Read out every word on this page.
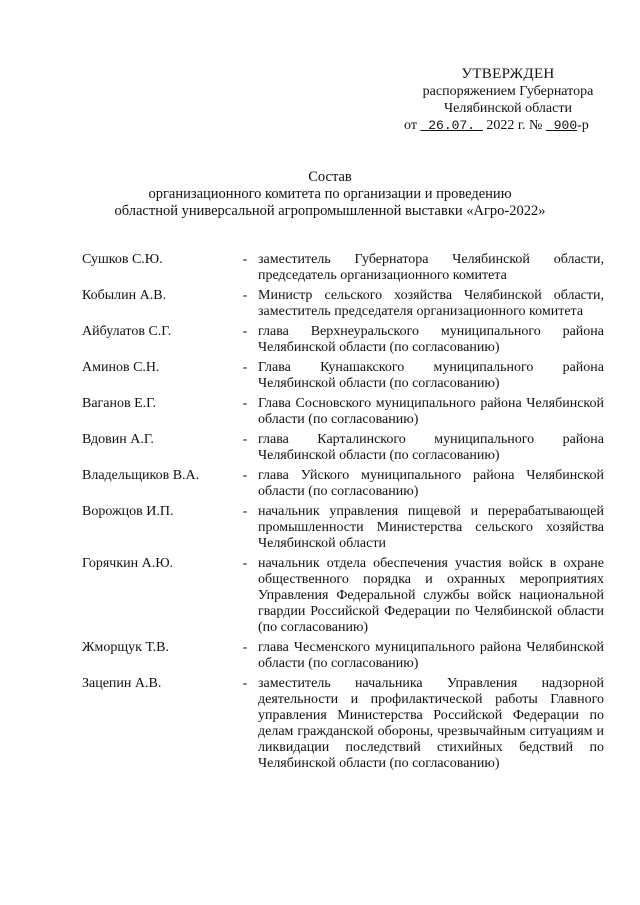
УТВЕРЖДЕН
распоряжением Губернатора
Челябинской области
от 26.07. 2022 г. № 900-р
Состав
организационного комитета по организации и проведению
областной универсальной агропромышленной выставки «Агро-2022»
Сушков С.Ю.	- заместитель Губернатора Челябинской области, председатель организационного комитета
Кобылин А.В.	- Министр сельского хозяйства Челябинской области, заместитель председателя организационного комитета
Айбулатов С.Г.	- глава Верхнеуральского муниципального района Челябинской области (по согласованию)
Аминов С.Н.	- Глава Кунашакского муниципального района Челябинской области (по согласованию)
Ваганов Е.Г.	- Глава Сосновского муниципального района Челябинской области (по согласованию)
Вдовин А.Г.	- глава Карталинского муниципального района Челябинской области (по согласованию)
Владельщиков В.А.	- глава Уйского муниципального района Челябинской области (по согласованию)
Ворожцов И.П.	- начальник управления пищевой и перерабатывающей промышленности Министерства сельского хозяйства Челябинской области
Горячкин А.Ю.	- начальник отдела обеспечения участия войск в охране общественного порядка и охранных мероприятиях Управления Федеральной службы войск национальной гвардии Российской Федерации по Челябинской области (по согласованию)
Жморщук Т.В.	- глава Чесменского муниципального района Челябинской области (по согласованию)
Зацепин А.В.	- заместитель начальника Управления надзорной деятельности и профилактической работы Главного управления Министерства Российской Федерации по делам гражданской обороны, чрезвычайным ситуациям и ликвидации последствий стихийных бедствий по Челябинской области (по согласованию)
